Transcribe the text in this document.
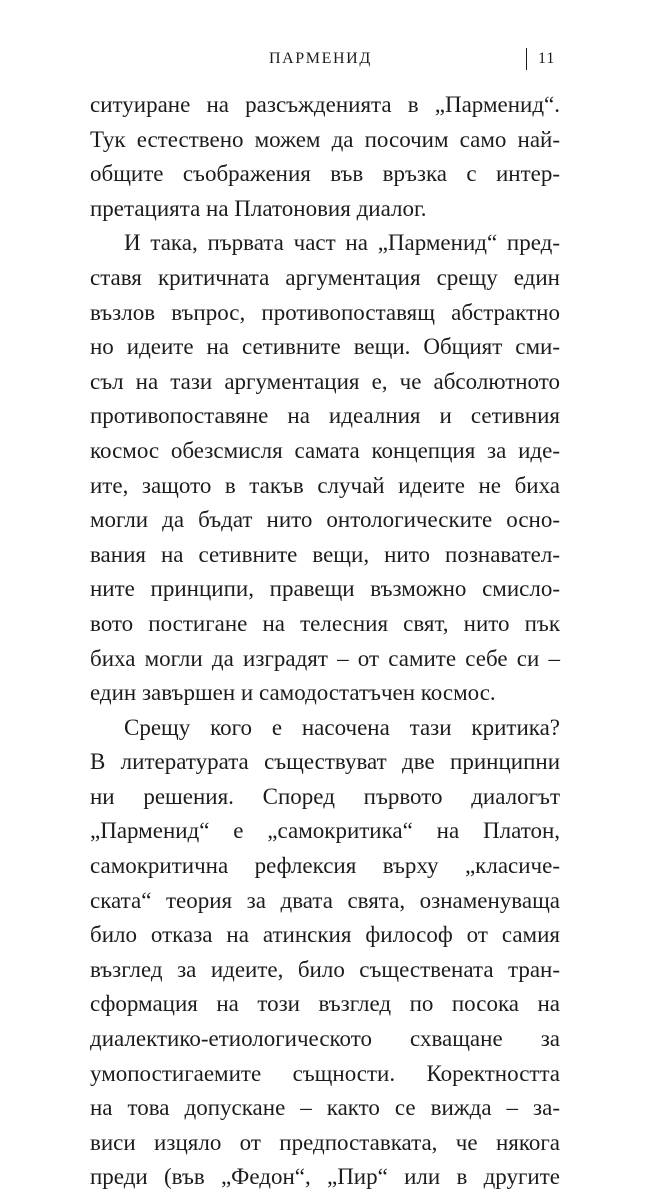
ПАРМЕНИД	11
ситуиране на разсъжденията в „Парменид“.
Тук естествено можем да посочим само най-
общите съображения във връзка с интер-
претацията на Платоновия диалог.
И така, първата част на „Парменид“ пред-
ставя критичната аргументация срещу един
възлов въпрос, противопоставящ абстрактно
но идеите на сетивните вещи. Общият сми-
съл на тази аргументация е, че абсолютното
противопоставяне на идеалния и сетивния
космос обезсмисля самата концепция за иде-
ите, защото в такъв случай идеите не биха
могли да бъдат нито онтологическите осно-
вания на сетивните вещи, нито познавател-
ните принципи, правещи възможно смисло-
вото постигане на телесния свят, нито пък
биха могли да изградят – от самите себе си –
един завършен и самодостатъчен космос.
Срещу кого е насочена тази критика?
В литературата съществуват две принципни
ни решения. Според първото диалогът
„Парменид“ е „самокритика“ на Платон,
самокритична рефлексия върху „класиче-
ската“ теория за двата свята, ознаменуваща
било отказа на атинския философ от самия
възглед за идеите, било съществената тран-
сформация на този възглед по посока на
диалектико-етиологическото схващане за
умопостигаемите същности. Коректността
на това допускане – както се вижда – за-
виси изцяло от предпоставката, че някога
преди (във „Федон“, „Пир“ или в другите
